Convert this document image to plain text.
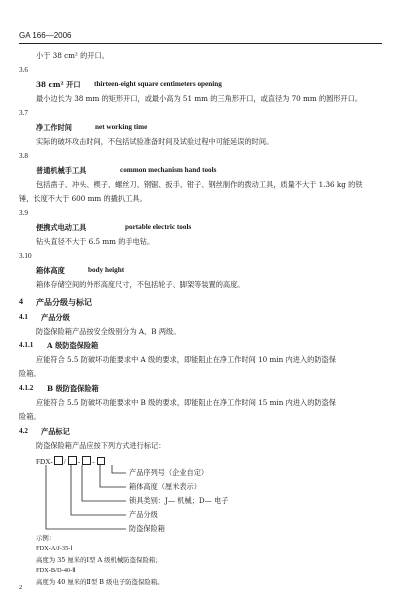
GA 166—2006
小于 38 cm² 的开口。
3.6
38 cm² 开口 thirteen-eight square centimeters opening
最小边长为 38 mm 的矩形开口，或最小高为 51 mm 的三角形开口，或直径为 70 mm 的圆形开口。
3.7
净工作时间	net working time
实际的破坏攻击时间，不包括试验准备时间及试验过程中可能延误的时间。
3.8
普通机械手工具	common mechanism hand tools
包括凿子、冲头、楔子、螺丝刀、钢锯、扳手、钳子、钢丝制作的拨动工具，质量不大于 1.36 kg 的铁
锤，长度不大于 600 mm 的撬扒工具。
3.9
便携式电动工具	portable electric tools
钻头直径不大于 6.5 mm 的手电钻。
3.10
箱体高度	body height
箱体存储空间的外形高度尺寸，不包括轮子、脚架等装置的高度。
4 产品分级与标记
4.1 产品分级
防盗保险箱产品按安全级别分为 A、B 两级。
4.1.1 A 级防盗保险箱
应能符合 5.5 防破坏功能要求中 A 级的要求，即能阻止在净工作时间 10 min 内进入的防盗保
险箱。
4.1.2 B 级防盗保险箱
应能符合 5.5 防破坏功能要求中 B 级的要求，即能阻止在净工作时间 15 min 内进入的防盗保
险箱。
4.2 产品标记
防盗保险箱产品应按下列方式进行标记：
FDX- / - -
产品序列号（企业自定）
箱体高度（厘米表示）
锁具类别：J— 机械；D— 电子
产品分级
防盗保险箱
示例：
FDX-A/J-35-Ⅰ
高度为 35 厘米的Ⅰ型 A 级机械防盗保险箱；
FDX-B/D-40-Ⅱ
高度为 40 厘米的Ⅱ型 B 级电子防盗保险箱。
2
